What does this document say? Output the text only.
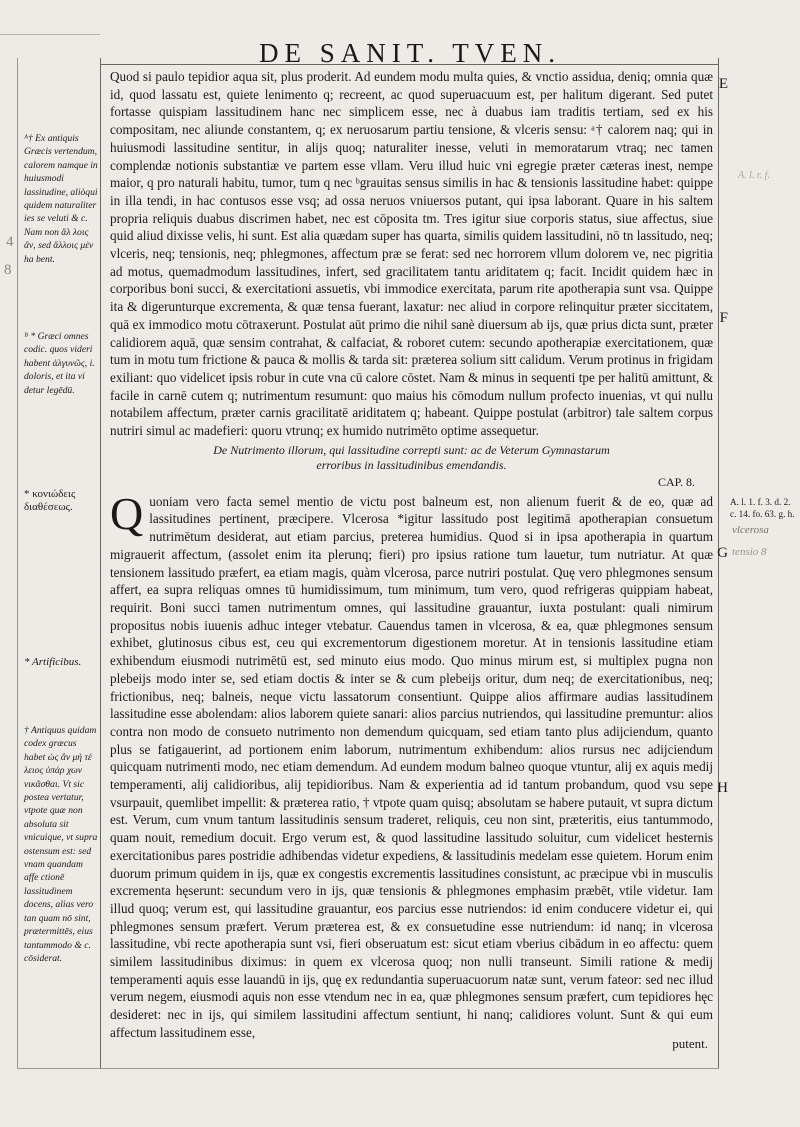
DE SANIT. TVEN.

Quod si paulo tepidior aqua sit, plus proderit. Ad eundem modu multa quies, & vnctio assidua, deniq; omnia quæ id, quod lassatu est, quiete lenimento q; recreent, ac quod superuacuum est, per halitum digerant. Sed putet fortasse quispiam lassitudinem hanc nec simplicem esse, nec à duabus iam traditis tertiam, sed ex his compositam, nec aliunde constantem, q; ex neruosarum partiu tensione, & vlceris sensu: ᵃ† calorem naq; qui in huiusmodi lassitudine sentitur, in alijs quoq; naturaliter inesse, veluti in memoratarum vtraq; nec tamen complendæ notionis substantiæ ve partem esse vllam. Veru illud huic vni egregie præter cæteras inest, nempe maior, q pro naturali habitu, tumor, tum q nec ᵇgrauitas sensus similis in hac & tensionis lassitudine habet: quippe in illa tendi, in hac contusos esse vsq; ad ossa neruos vniuersos putant, qui ipsa laborant. Quare in his saltem propria reliquis duabus discrimen habet, nec est cōposita tm. Tres igitur siue corporis status, siue affectus, siue quid aliud dixisse velis, hi sunt. Est alia quædam super has quarta, similis quidem lassitudini, nō tn lassitudo, neq; vlceris, neq; tensionis, neq; phlegmones, affectum præ se ferat: sed nec horrorem vllum dolorem ve, nec pigritia ad motus, quemadmodum lassitudines, infert, sed gracilitatem tantu ariditatem q; facit. Incidit quidem hæc in corporibus boni succi, & exercitationi assuetis, vbi immodice exercitata, parum rite apotherapia sunt vsa. Quippe ita & digerunturque excrementa, & quæ tensa fuerant, laxatur: nec aliud in corpore relinquitur præter siccitatem, quā ex immodico motu cōtraxerunt. Postulat aūt primo die nihil sanè diuersum ab ijs, quæ prius dicta sunt, præter calidiorem aquā, quæ sensim contrahat, & calfaciat, & roboret cutem: secundo apotherapiæ exercitationem, quæ tum in motu tum frictione & pauca & mollis & tarda sit: præterea solium sitt calidum. Verum protinus in frigidam exiliant: quo videlicet ipsis robur in cute vna cū calore cōstet. Nam & minus in sequenti tpe per halitū amittunt, & facile in carnē cutem q; nutrimentum resumunt: quo maius his cōmodum nullum profecto inuenias, vt qui nullu notabilem affectum, præter carnis gracilitatē ariditatem q; habeant. Quippe postulat (arbitror) tale saltem corpus nutriri simul ac madefieri: quoru vtrunq; ex humido nutrimēto optime assequetur.

De Nutrimento illorum, qui lassitudine correpti sunt: ac de Veterum Gymnastarum
erroribus in lassitudinibus emendandis.
CAP. 8.

Quoniam vero facta semel mentio de victu post balneum est, non alienum fuerit & de eo, quæ ad lassitudines pertinent, præcipere. Vlcerosa *igitur lassitudo post legitimā apotherapian consuetum nutrimētum desiderat, aut etiam parcius, preterea humidius. Quod si in ipsa apotherapia in quartum migrauerit affectum, (assolet enim ita plerunq; fieri) pro ipsius ratione tum lauetur, tum nutriatur. At quæ tensionem lassitudo præfert, ea etiam magis, quàm vlcerosa, parce nutriri postulat. Quę vero phlegmones sensum affert, ea supra reliquas omnes tū humidissimum, tum minimum, tum vero, quod refrigeras quippiam habeat, requirit. Boni succi tamen nutrimentum omnes, qui lassitudine grauantur, iuxta postulant: quali nimirum propositus nobis iuuenis adhuc integer vtebatur. Cauendus tamen in vlcerosa, & ea, quæ phlegmones sensum exhibet, glutinosus cibus est, ceu qui excrementorum digestionem moretur. At in tensionis lassitudine etiam exhibendum eiusmodi nutrimētū est, sed minuto eius modo. Quo minus mirum est, si multiplex pugna non plebeijs modo inter se, sed etiam doctis & inter se & cum plebeijs oritur, dum neq; de exercitationibus, neq; frictionibus, neq; balneis, neque victu lassatorum consentiunt. Quippe alios affirmare audias lassitudinem lassitudine esse abolendam: alios laborem quiete sanari: alios parcius nutriendos, qui lassitudine premuntur: alios contra non modo de consueto nutrimento non demendum quicquam, sed etiam tanto plus adijciendum, quanto plus se fatigauerint, ad portionem enim laborum, nutrimentum exhibendum: alios rursus nec adijciendum quicquam nutrimenti modo, nec etiam demendum. Ad eundem modum balneo quoque vtuntur, alij ex aquis medij temperamenti, alij calidioribus, alij tepidioribus. Nam & experientia ad id tantum probandum, quod vsu sepe vsurpauit, quemlibet impellit: & præterea ratio, † vtpote quam quisq; absolutam se habere putauit, vt supra dictum est. Verum, cum vnum tantum lassitudinis sensum traderet, reliquis, ceu non sint, præteritis, eius tantummodo, quam nouit, remedium docuit. Ergo verum est, & quod lassitudine lassitudo soluitur, cum videlicet hesternis exercitationibus pares postridie adhibendas videtur expediens, & lassitudinis medelam esse quietem. Horum enim duorum primum quidem in ijs, quæ ex congestis excrementis lassitudines consistunt, ac præcipue vbi in musculis excrementa hęserunt: secundum vero in ijs, quæ tensionis & phlegmones emphasim præbēt, vtile videtur. Iam illud quoq; verum est, qui lassitudine grauantur, eos parcius esse nutriendos: id enim conducere videtur ei, qui phlegmones sensum præfert. Verum præterea est, & ex consuetudine esse nutriendum: id nanq; in vlcerosa lassitudine, vbi recte apotherapia sunt vsi, fieri obseruatum est: sicut etiam vberius cibādum in eo affectu: quem similem lassitudinibus diximus: in quem ex vlcerosa quoq; non nulli transeunt. Simili ratione & medij temperamenti aquis esse lauandū in ijs, quę ex redundantia superuacuorum natæ sunt, verum fateor: sed nec illud verum negem, eiusmodi aquis non esse vtendum nec in ea, quæ phlegmones sensum præfert, cum tepidiores hęc desideret: nec in ijs, qui similem lassitudini affectum sentiunt, hi nanq; calidiores volunt. Sunt & qui eum affectum lassitudinem esse,

putent.
E
F
G
H
ᴬ† Ex antiquis Græcis vertendum, calorem namque in huiusmodi lassitudine, aliòqui quidem naturaliter ies se veluti & c. Nam non ἄλ λοις ἂν, sed ἄλλοις μὲν ha bent.
ᴮ * Græci omnes codic. quos videri habent ἀλγυνῶς, i. doloris, et ita vi detur legēdū.
* κονιώδεις διαθέσεως.
* Artificibus.
† Antiquus quidam codex græcus habet ὡς ἂν μὴ τέ λειος ὑπάρ χων νικᾶσθαι. Vt sic postea vertatur, vtpote quæ non absoluta sit vnicuique, vt supra ostensum est: sed vnam quandam affe ctionē lassitudinem docens, alias vero tan quam nō sint, prætermittēs, eius tantummodo & c. cōsiderat.
A. l. 1. f. 3. d. 2. c. 14. fo. 63. g. h.
A. l. r. f.
vlcerosa
tensio 8
4
8
